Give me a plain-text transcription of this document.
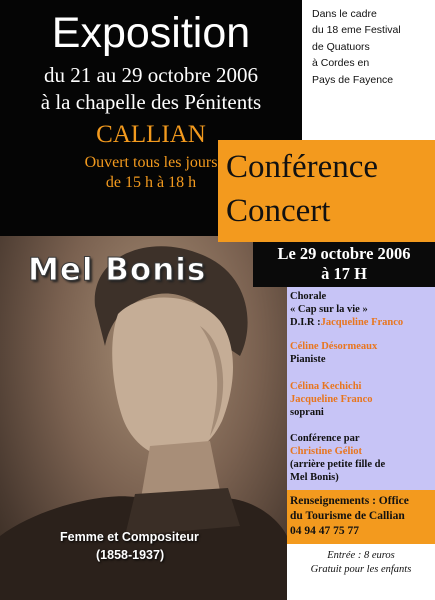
Exposition
du 21 au 29 octobre 2006
à la chapelle des Pénitents
CALLIAN
Ouvert tous les jours
de 15 h à 18 h
Dans le cadre
du 18 eme Festival
de Quatuors
à Cordes en
Pays de Fayence
Mel Bonis
Femme et Compositeur
(1858-1937)
Conférence
Concert
Le 29 octobre 2006
à 17 H
Chorale
« Cap sur la vie »
D.I.R :Jacqueline Franco
Céline Désormeaux
Pianiste
Célina Kechichi
Jacqueline Franco
soprani
Conférence par
Christine Géliot
(arrière petite fille de
Mel Bonis)
Renseignements : Office
du Tourisme de Callian
04 94 47 75 77
Entrée : 8 euros
Gratuit pour les enfants
